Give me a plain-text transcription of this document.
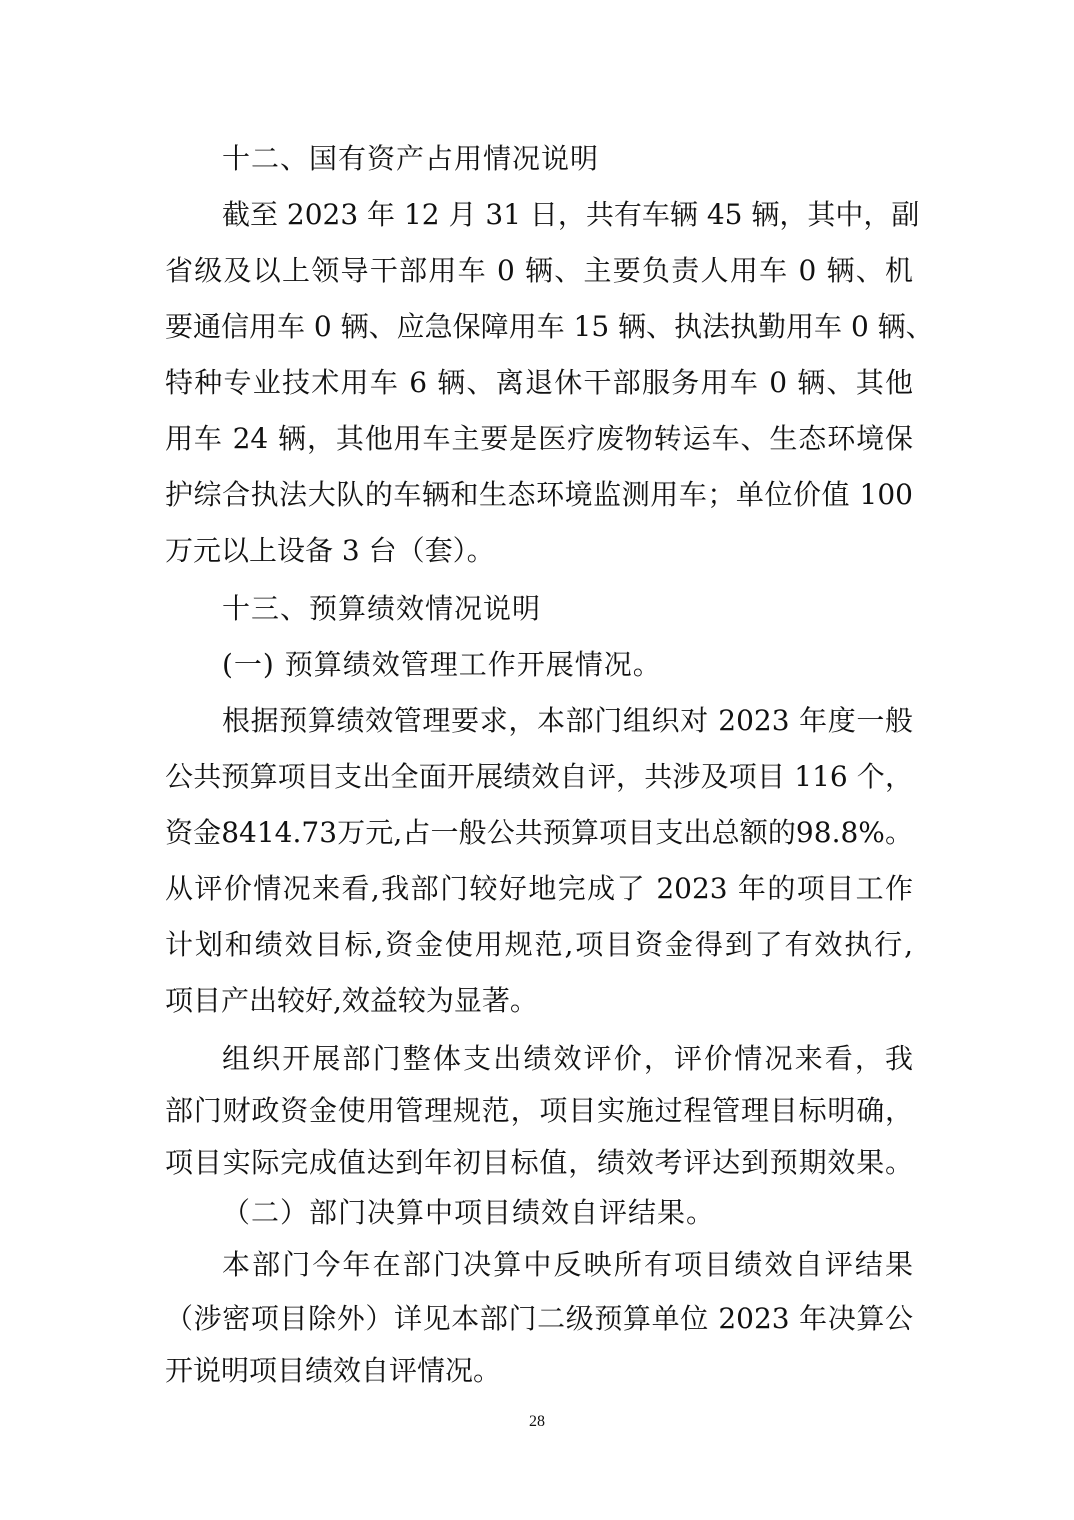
十二、国有资产占用情况说明
截至 2023 年 12 月 31 日，共有车辆 45 辆，其中，副
省级及以上领导干部用车 0 辆、主要负责人用车 0 辆、机
要通信用车 0 辆、应急保障用车 15 辆、执法执勤用车 0 辆、
特种专业技术用车 6 辆、离退休干部服务用车 0 辆、其他
用车 24 辆，其他用车主要是医疗废物转运车、生态环境保
护综合执法大队的车辆和生态环境监测用车；单位价值 100
万元以上设备 3 台（套）。
十三、预算绩效情况说明
(一) 预算绩效管理工作开展情况。
根据预算绩效管理要求，本部门组织对 2023 年度一般
公共预算项目支出全面开展绩效自评，共涉及项目 116 个，
资金8414.73万元,占一般公共预算项目支出总额的98.8%。
从评价情况来看,我部门较好地完成了 2023 年的项目工作
计划和绩效目标,资金使用规范,项目资金得到了有效执行,
项目产出较好,效益较为显著。
组织开展部门整体支出绩效评价，评价情况来看，我
部门财政资金使用管理规范，项目实施过程管理目标明确，
项目实际完成值达到年初目标值，绩效考评达到预期效果。
（二）部门决算中项目绩效自评结果。
本部门今年在部门决算中反映所有项目绩效自评结果
（涉密项目除外）详见本部门二级预算单位 2023 年决算公
开说明项目绩效自评情况。
28
